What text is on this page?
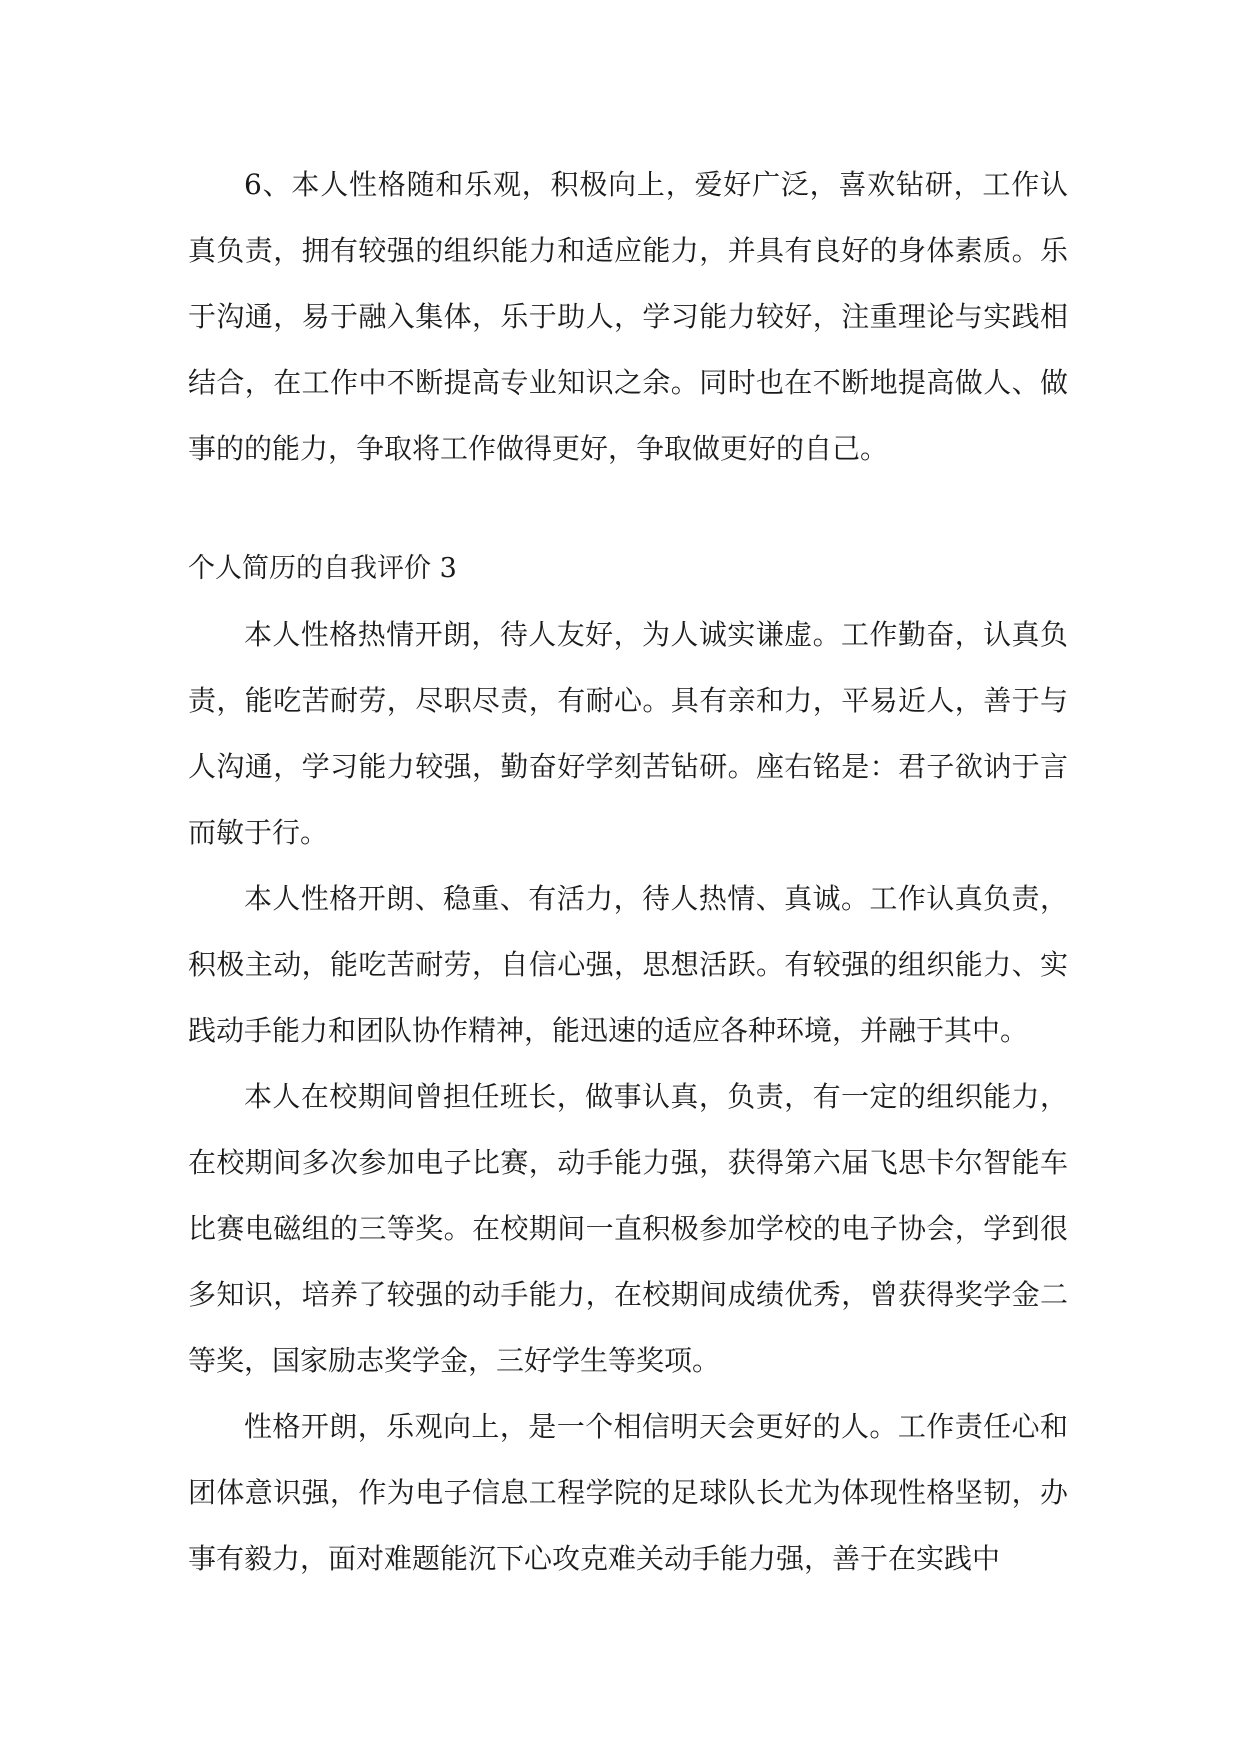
6、本人性格随和乐观，积极向上，爱好广泛，喜欢钻研，工作认真负责，拥有较强的组织能力和适应能力，并具有良好的身体素质。乐于沟通，易于融入集体，乐于助人，学习能力较好，注重理论与实践相结合，在工作中不断提高专业知识之余。同时也在不断地提高做人、做事的的能力，争取将工作做得更好，争取做更好的自己。

个人简历的自我评价 3

本人性格热情开朗，待人友好，为人诚实谦虚。工作勤奋，认真负责，能吃苦耐劳，尽职尽责，有耐心。具有亲和力，平易近人，善于与人沟通，学习能力较强，勤奋好学刻苦钻研。座右铭是：君子欲讷于言而敏于行。

本人性格开朗、稳重、有活力，待人热情、真诚。工作认真负责，积极主动，能吃苦耐劳，自信心强，思想活跃。有较强的组织能力、实践动手能力和团队协作精神，能迅速的适应各种环境，并融于其中。

本人在校期间曾担任班长，做事认真，负责，有一定的组织能力，在校期间多次参加电子比赛，动手能力强，获得第六届飞思卡尔智能车比赛电磁组的三等奖。在校期间一直积极参加学校的电子协会，学到很多知识，培养了较强的动手能力，在校期间成绩优秀，曾获得奖学金二等奖，国家励志奖学金，三好学生等奖项。

性格开朗，乐观向上，是一个相信明天会更好的人。工作责任心和团体意识强，作为电子信息工程学院的足球队长尤为体现性格坚韧，办事有毅力，面对难题能沉下心攻克难关动手能力强，善于在实践中
